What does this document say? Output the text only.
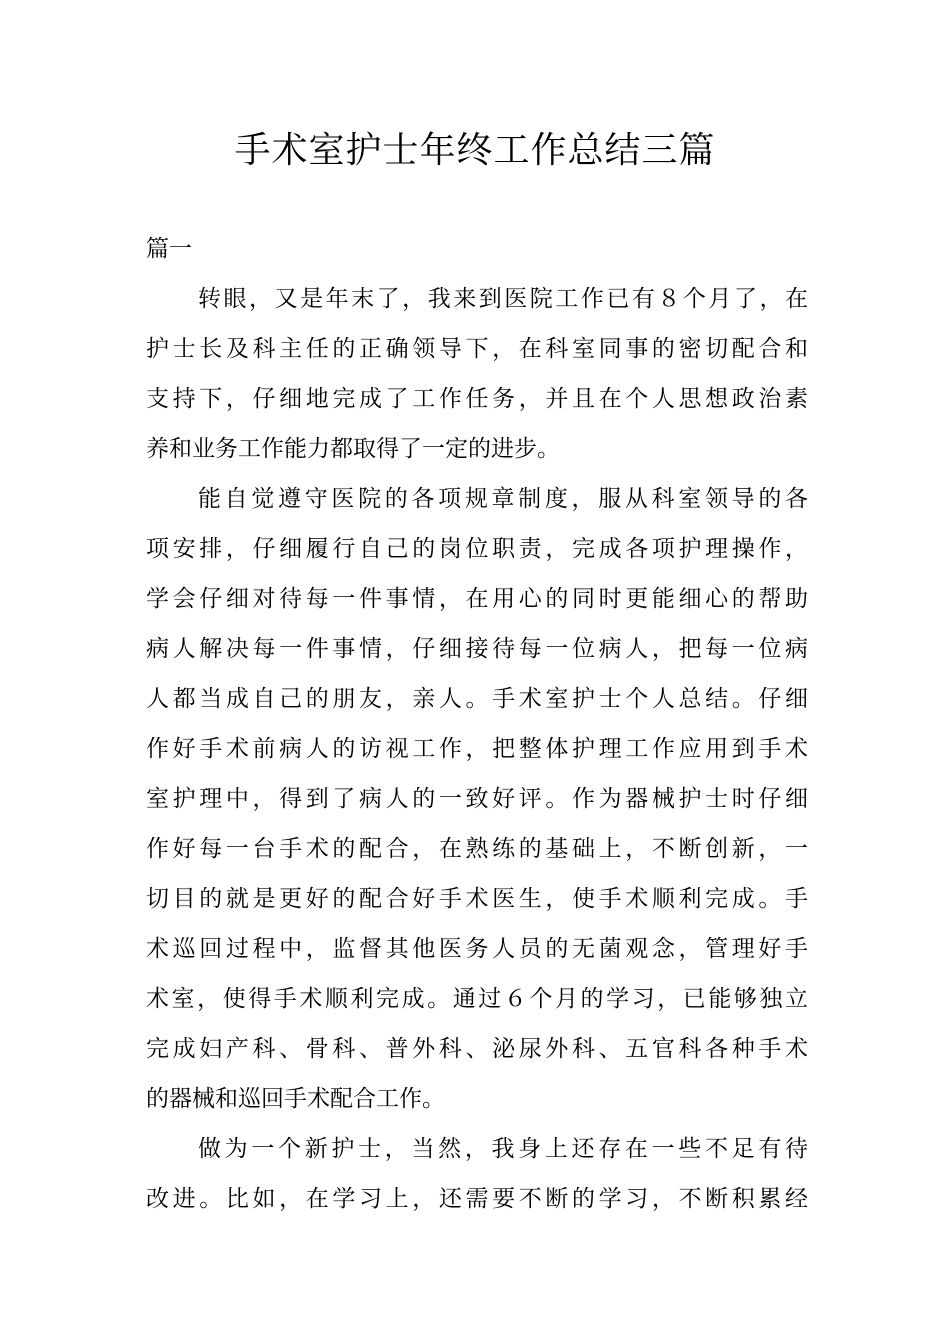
手术室护士年终工作总结三篇
篇一
转眼，又是年末了，我来到医院工作已有８个月了，在
护士长及科主任的正确领导下，在科室同事的密切配合和
支持下，仔细地完成了工作任务，并且在个人思想政治素
养和业务工作能力都取得了一定的进步。
能自觉遵守医院的各项规章制度，服从科室领导的各
项安排，仔细履行自己的岗位职责，完成各项护理操作，
学会仔细对待每一件事情，在用心的同时更能细心的帮助
病人解决每一件事情，仔细接待每一位病人，把每一位病
人都当成自己的朋友，亲人。手术室护士个人总结。仔细
作好手术前病人的访视工作，把整体护理工作应用到手术
室护理中，得到了病人的一致好评。作为器械护士时仔细
作好每一台手术的配合，在熟练的基础上，不断创新，一
切目的就是更好的配合好手术医生，使手术顺利完成。手
术巡回过程中，监督其他医务人员的无菌观念，管理好手
术室，使得手术顺利完成。通过６个月的学习，已能够独立
完成妇产科、骨科、普外科、泌尿外科、五官科各种手术
的器械和巡回手术配合工作。
做为一个新护士，当然，我身上还存在一些不足有待
改进。比如，在学习上，还需要不断的学习，不断积累经
